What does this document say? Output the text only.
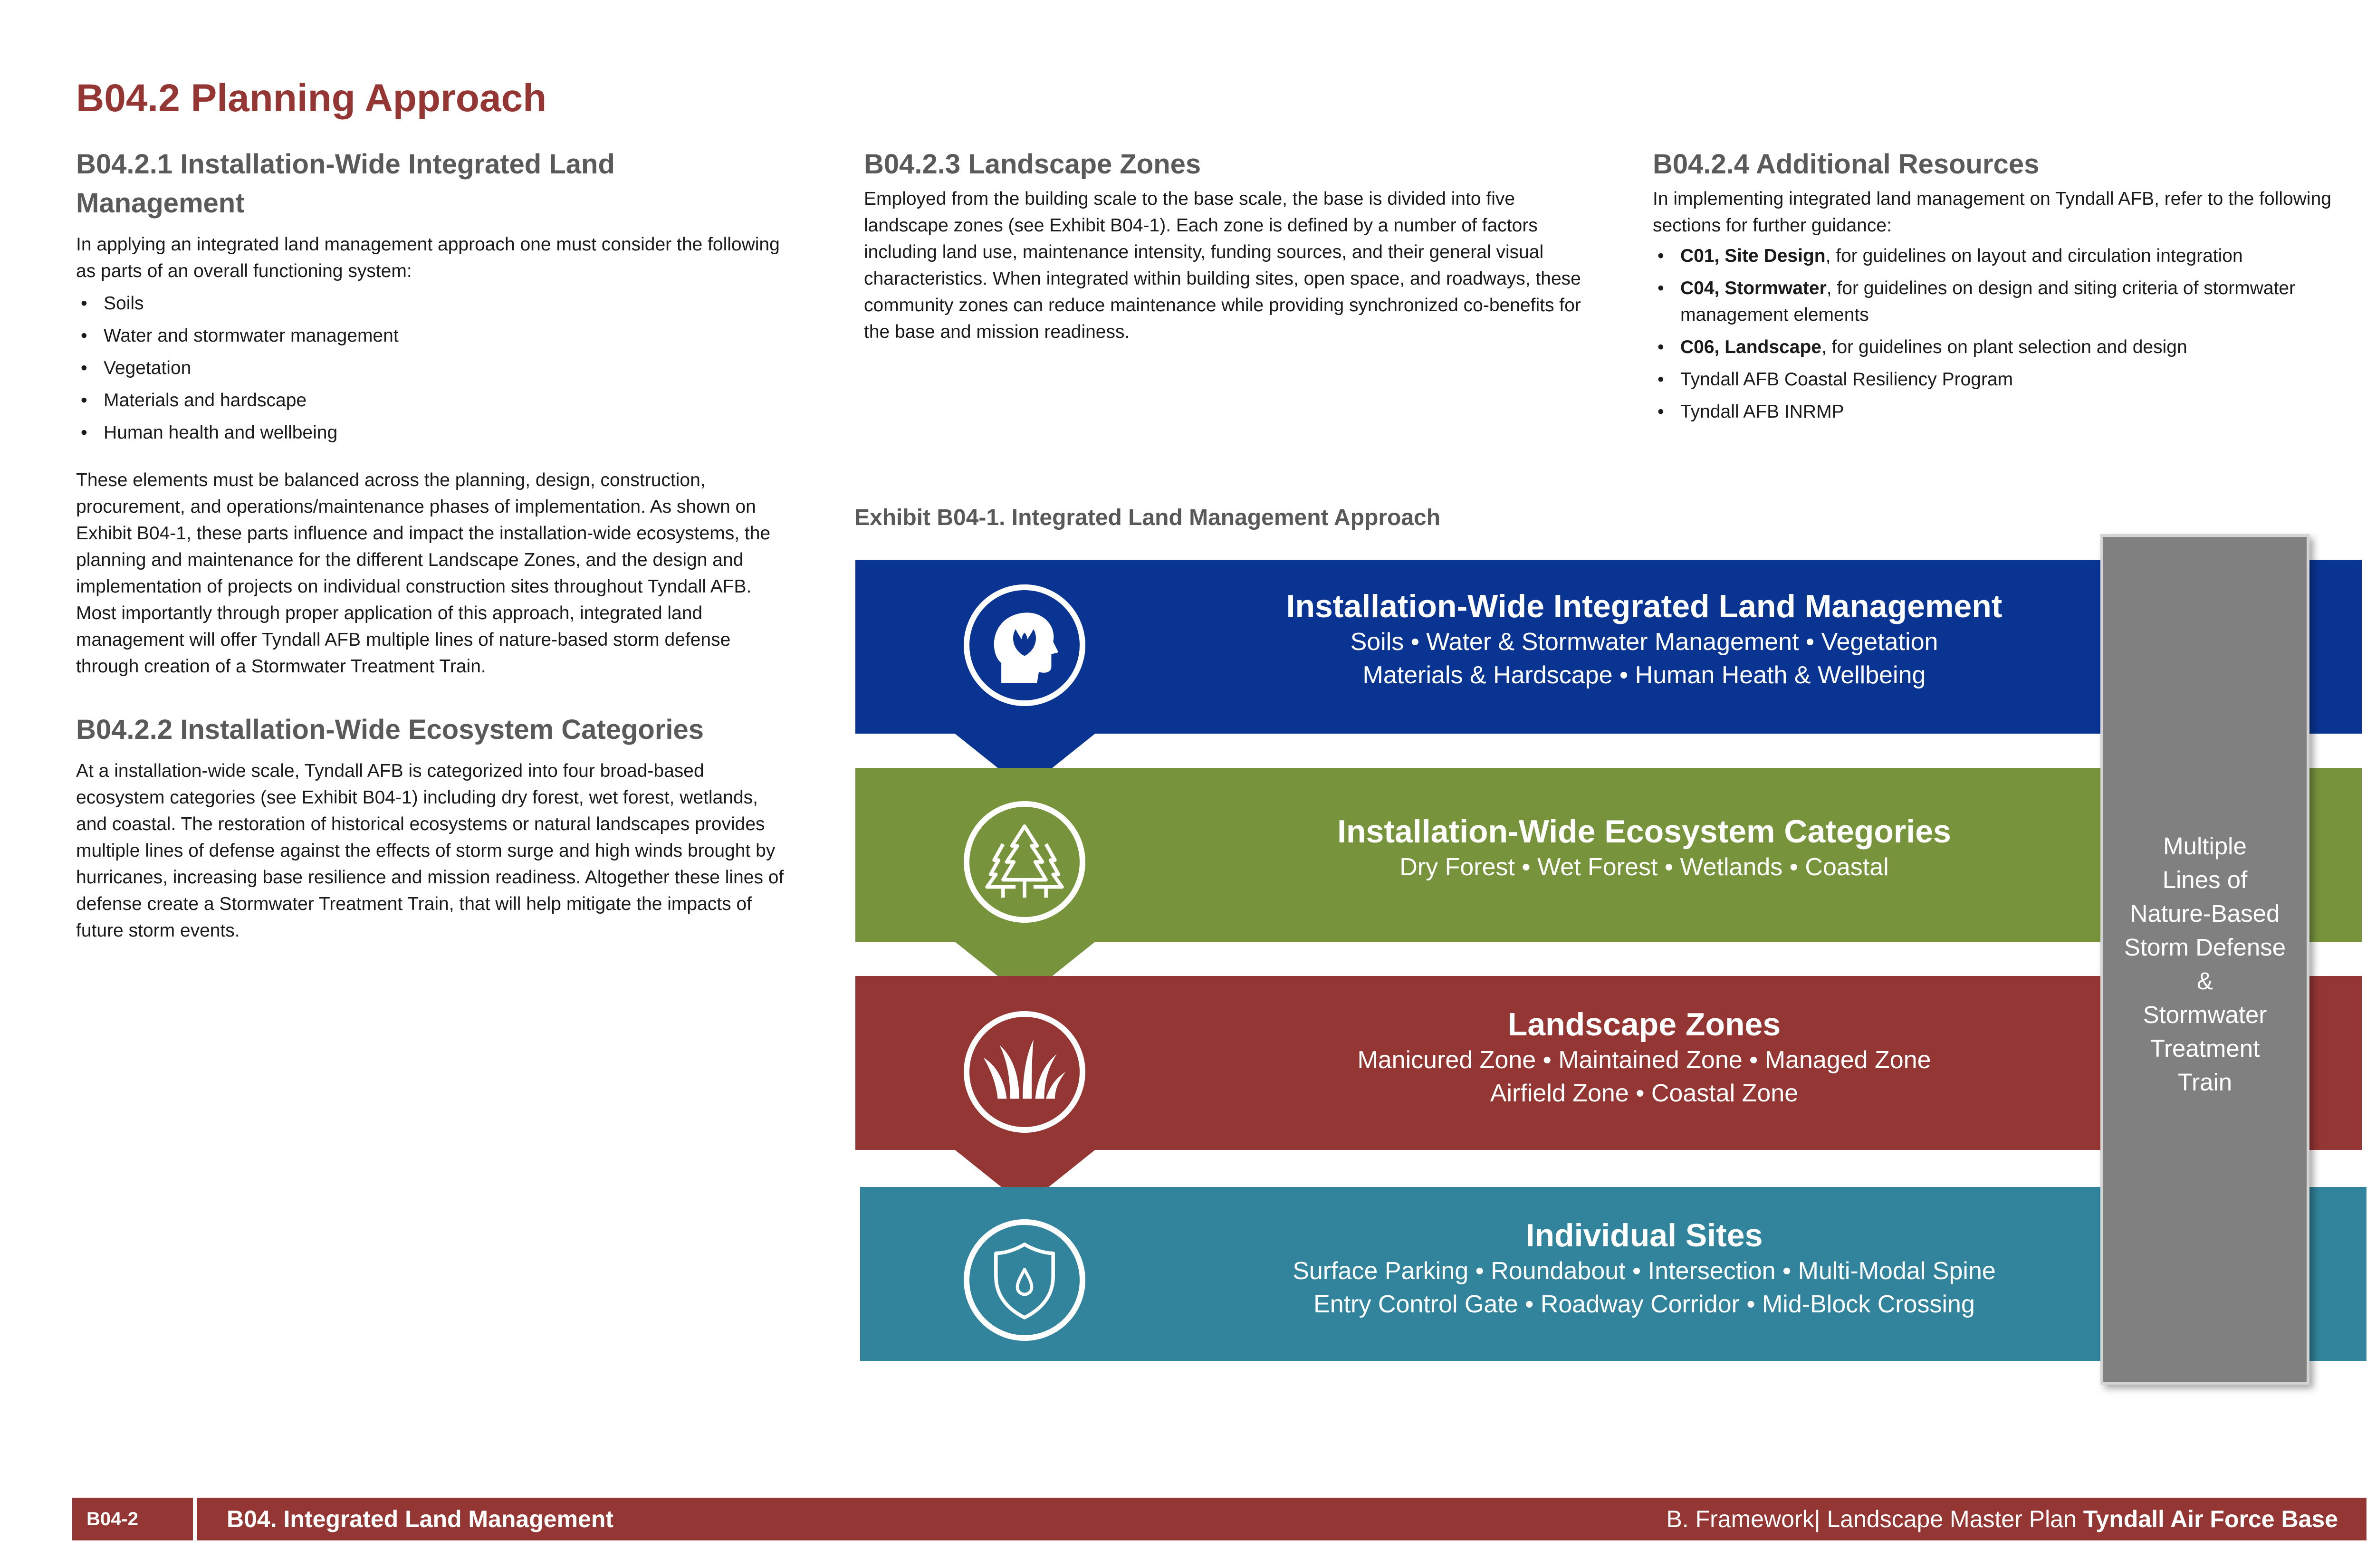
B04.2 Planning Approach
B04.2.1 Installation-Wide Integrated Land Management

In applying an integrated land management approach one must consider the following as parts of an overall functioning system:

• Soils
• Water and stormwater management
• Vegetation
• Materials and hardscape
• Human health and wellbeing

These elements must be balanced across the planning, design, construction, procurement, and operations/maintenance phases of implementation. As shown on Exhibit B04-1, these parts influence and impact the installation-wide ecosystems, the planning and maintenance for the different Landscape Zones, and the design and implementation of projects on individual construction sites throughout Tyndall AFB. Most importantly through proper application of this approach, integrated land management will offer Tyndall AFB multiple lines of nature-based storm defense through creation of a Stormwater Treatment Train.

B04.2.2 Installation-Wide Ecosystem Categories

At a installation-wide scale, Tyndall AFB is categorized into four broad-based ecosystem categories (see Exhibit B04-1) including dry forest, wet forest, wetlands, and coastal. The restoration of historical ecosystems or natural landscapes provides multiple lines of defense against the effects of storm surge and high winds brought by hurricanes, increasing base resilience and mission readiness. Altogether these lines of defense create a Stormwater Treatment Train, that will help mitigate the impacts of future storm events.

B04.2.3 Landscape Zones

Employed from the building scale to the base scale, the base is divided into five landscape zones (see Exhibit B04-1). Each zone is defined by a number of factors including land use, maintenance intensity, funding sources, and their general visual characteristics. When integrated within building sites, open space, and roadways, these community zones can reduce maintenance while providing synchronized co-benefits for the base and mission readiness.

B04.2.4 Additional Resources

In implementing integrated land management on Tyndall AFB, refer to the following sections for further guidance:

• C01, Site Design, for guidelines on layout and circulation integration
• C04, Stormwater, for guidelines on design and siting criteria of stormwater management elements
• C06, Landscape, for guidelines on plant selection and design
• Tyndall AFB Coastal Resiliency Program
• Tyndall AFB INRMP
Exhibit B04-1. Integrated Land Management Approach
Installation-Wide Integrated Land Management
Soils • Water & Stormwater Management • Vegetation
Materials & Hardscape • Human Heath & Wellbeing
Installation-Wide Ecosystem Categories
Dry Forest • Wet Forest • Wetlands • Coastal
Landscape Zones
Manicured Zone • Maintained Zone • Managed Zone
Airfield Zone • Coastal Zone
Individual Sites
Surface Parking • Roundabout • Intersection • Multi-Modal Spine
Entry Control Gate • Roadway Corridor • Mid-Block Crossing
Multiple
Lines of
Nature-Based
Storm Defense
&
Stormwater
Treatment
Train
B04-2	B04. Integrated Land Management	B. Framework| Landscape Master Plan Tyndall Air Force Base
